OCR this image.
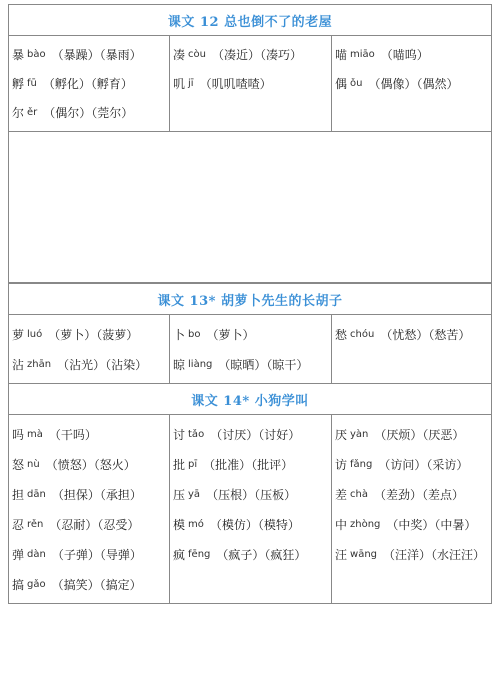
课文 12 总也倒不了的老屋
暴 bào （暴躁）（暴雨）
孵 fū （孵化）（孵育）
尔 ěr （偶尔）（莞尔）
凑 còu （凑近）（凑巧）
叽 jī （叽叽喳喳）
喵 miāo （喵呜）
偶 ǒu （偶像）（偶然）
课文 13* 胡萝卜先生的长胡子
萝 luó （萝卜）（菠萝）
沾 zhān （沾光）（沾染）
卜 bo （萝卜）
晾 liàng （晾晒）（晾干）
愁 chóu （忧愁）（愁苦）
课文 14* 小狗学叫
吗 mà （干吗）
怒 nù （愤怒）（怒火）
担 dān （担保）（承担）
忍 rěn （忍耐）（忍受）
弹 dàn （子弹）（导弹）
搞 gǎo （搞笑）（搞定）
讨 tǎo （讨厌）（讨好）
批 pī （批准）（批评）
压 yā （压根）（压板）
模 mó （模仿）（模特）
疯 fēng （疯子）（疯狂）
厌 yàn （厌烦）（厌恶）
访 fǎng （访问）（采访）
差 chà （差劲）（差点）
中 zhòng （中奖）（中暑）
汪 wāng （汪洋）（水汪汪）
